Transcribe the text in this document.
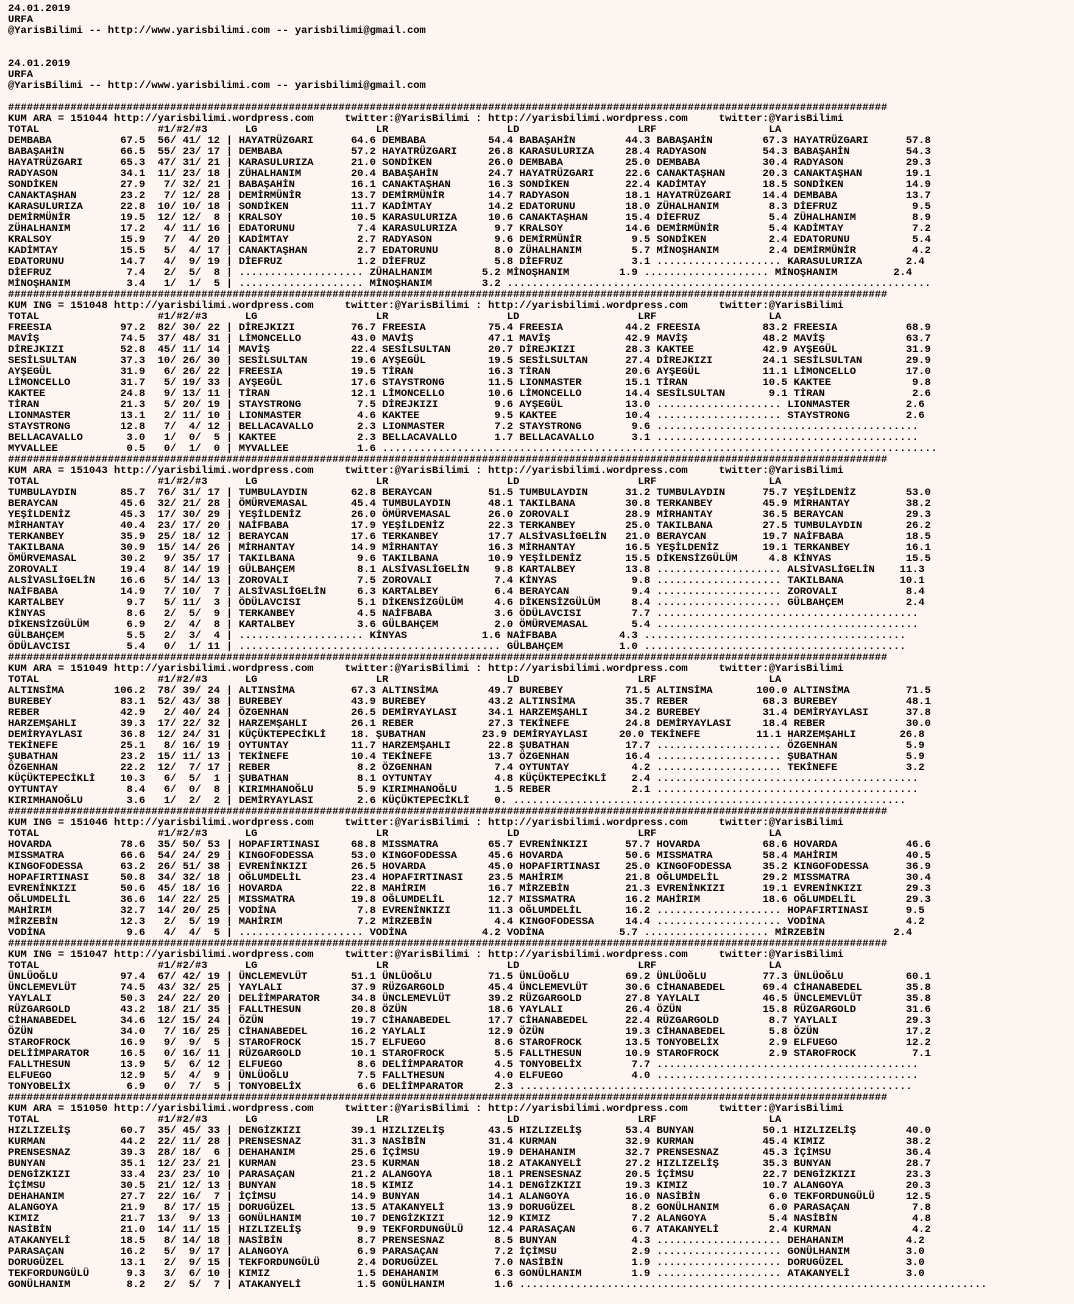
24.01.2019
URFA
@YarisBilimi -- http://www.yarisbilimi.com -- yarisbilimi@gmail.com

24.01.2019
URFA
@YarisBilimi -- http://www.yarisbilimi.com -- yarisbilimi@gmail.com

#############################################################################################################################################
KUM ARA = 151044 http://yarisbilimi.wordpress.com     twitter:@YarisBilimi : http://yarisbilimi.wordpress.com     twitter:@YarisBilimi
TOTAL                   #1/#2/#3      LG                   LR                   LD                   LRF                  LA
DEMBABA           67.5  56/ 41/ 12 | HAYATRÜZGARI      64.6 DEMBABA          54.4 BABAŞAHİN        44.3 BABAŞAHİN        67.3 HAYATRÜZGARI      57.8
BABAŞAHİN         66.5  55/ 23/ 17 | DEMBABA           57.2 HAYATRÜZGARI     26.8 KARASULURIZA     28.4 RADYASON         54.3 BABAŞAHİN         54.3
HAYATRÜZGARI      65.3  47/ 31/ 21 | KARASULURIZA      21.0 SONDİKEN         26.0 DEMBABA          25.0 DEMBABA          30.4 RADYASON          29.3
RADYASON          34.1  11/ 23/ 18 | ZÜHALHANIM        20.4 BABAŞAHİN        24.7 HAYATRÜZGARI     22.6 CANAKTAŞHAN      20.3 CANAKTAŞHAN       19.1
SONDİKEN          27.9   7/ 32/ 21 | BABAŞAHİN         16.1 CANAKTAŞHAN      16.3 SONDİKEN         22.4 KADİMTAY         18.5 SONDİKEN          14.9
CANAKTAŞHAN       23.2   7/ 12/ 28 | DEMİRMÜNİR        13.7 DEMİRMÜNİR       14.7 RADYASON         18.1 HAYATRÜZGARI     14.4 DEMBABA           13.7
KARASULURIZA      22.8  10/ 10/ 18 | SONDİKEN          11.7 KADİMTAY         14.2 EDATORUNU        18.0 ZÜHALHANIM        8.3 DİEFRUZ            9.5
DEMİRMÜNİR        19.5  12/ 12/  8 | KRALSOY           10.5 KARASULURIZA     10.6 CANAKTAŞHAN      15.4 DİEFRUZ           5.4 ZÜHALHANIM         8.9
ZÜHALHANIM        17.2   4/ 11/ 16 | EDATORUNU          7.4 KARASULURIZA      9.7 KRALSOY          14.6 DEMİRMÜNİR        5.4 KADİMTAY           7.2
KRALSOY           15.9   7/  4/ 20 | KADİMTAY           2.7 RADYASON          9.6 DEMİRMÜNİR        9.5 SONDİKEN          2.4 EDATORUNU          5.4
KADİMTAY          15.5   5/  4/ 17 | CANAKTAŞHAN        2.7 EDATORUNU         8.0 ZÜHALHANIM        5.7 MİNOŞHANIM        2.4 DEMİRMÜNİR         4.2
EDATORUNU         14.7   4/  9/ 19 | DİEFRUZ            1.2 DİEFRUZ           5.8 DİEFRUZ           3.1 .................... KARASULURIZA       2.4
DİEFRUZ            7.4   2/  5/  8 | .................... ZÜHALHANIM        5.2 MİNOŞHANIM        1.9 .................... MİNOŞHANIM         2.4
MİNOŞHANIM         3.4   1/  1/  5 | .................... MİNOŞHANIM        3.2 ....................................................................
#############################################################################################################################################
KUM ING = 151048 http://yarisbilimi.wordpress.com     twitter:@YarisBilimi : http://yarisbilimi.wordpress.com     twitter:@YarisBilimi
TOTAL                   #1/#2/#3      LG                   LR                   LD                   LRF                  LA
FREESIA           97.2  82/ 30/ 22 | DİREJKIZI         76.7 FREESIA          75.4 FREESIA          44.2 FREESIA          83.2 FREESIA           68.9
MAVİŞ             74.5  37/ 48/ 31 | LİMONCELLO        43.0 MAVİŞ            47.1 MAVİŞ            42.9 MAVİŞ            48.2 MAVİŞ             63.7
DİREJKIZI         52.8  45/ 11/ 14 | MAVİŞ             22.4 SESİLSULTAN      20.7 DİREJKIZI        28.3 KAKTEE           42.9 AYŞEGÜL           31.9
SESİLSULTAN       37.3  10/ 26/ 30 | SESİLSULTAN       19.6 AYŞEGÜL          19.5 SESİLSULTAN      27.4 DİREJKIZI        24.1 SESİLSULTAN       29.9
AYŞEGÜL           31.9   6/ 26/ 22 | FREESIA           19.5 TİRAN            16.3 TİRAN            20.6 AYŞEGÜL          11.1 LİMONCELLO        17.0
LİMONCELLO        31.7   5/ 19/ 33 | AYŞEGÜL           17.6 STAYSTRONG       11.5 LIONMASTER       15.1 TİRAN            10.5 KAKTEE             9.8
KAKTEE            24.8   9/ 13/ 11 | TİRAN             12.1 LİMONCELLO       10.6 LİMONCELLO       14.4 SESİLSULTAN       9.1 TİRAN              2.6
TİRAN             21.3   5/ 20/ 19 | STAYSTRONG         7.5 DİREJKIZI         9.6 AYŞEGÜL          13.0 .................... LIONMASTER         2.6
LIONMASTER        13.1   2/ 11/ 10 | LIONMASTER         4.6 KAKTEE            9.5 KAKTEE           10.4 .................... STAYSTRONG         2.6
STAYSTRONG        12.8   7/  4/ 12 | BELLACAVALLO       2.3 LIONMASTER        7.2 STAYSTRONG        9.6 ..........................................
BELLACAVALLO       3.0   1/  0/  5 | KAKTEE             2.3 BELLACAVALLO      1.7 BELLACAVALLO      3.1 ..........................................
MYVALLEE           0.5   0/  1/  0 | MYVALLEE           1.6 .........................................................................................
#############################################################################################################################################
KUM ARA = 151043 http://yarisbilimi.wordpress.com     twitter:@YarisBilimi : http://yarisbilimi.wordpress.com     twitter:@YarisBilimi
TOTAL                   #1/#2/#3      LG                   LR                   LD                   LRF                  LA
TUMBULAYDIN       85.7  76/ 31/ 17 | TUMBULAYDIN       62.8 BERAYCAN         51.5 TUMBULAYDIN      31.2 TUMBULAYDIN      75.7 YEŞİLDENİZ        53.0
BERAYCAN          45.6  32/ 21/ 28 | ÖMÜRVEMASAL       45.4 TUMBULAYDIN      48.1 TAKILBANA        30.8 TERKANBEY        45.9 MİRHANTAY         38.2
YEŞİLDENİZ        45.3  17/ 30/ 29 | YEŞİLDENİZ        26.0 ÖMÜRVEMASAL      26.0 ZOROVALI         28.9 MİRHANTAY        36.5 BERAYCAN          29.3
MİRHANTAY         40.4  23/ 17/ 20 | NAİFBABA          17.9 YEŞİLDENİZ       22.3 TERKANBEY        25.0 TAKILBANA        27.5 TUMBULAYDIN       26.2
TERKANBEY         35.9  25/ 18/ 12 | BERAYCAN          17.6 TERKANBEY        17.7 ALSİVASLİGELİN   21.0 BERAYCAN         19.7 NAİFBABA          18.5
TAKILBANA         30.9  15/ 14/ 26 | MİRHANTAY         14.9 MİRHANTAY        16.3 MİRHANTAY        16.5 YEŞİLDENİZ       19.1 TERKANBEY         16.1
ÖMÜRVEMASAL       30.2   9/ 35/ 17 | TAKILBANA          9.6 TAKILBANA        10.9 YEŞİLDENİZ       15.5 DİKENSİZGÜLÜM     4.8 KİNYAS            15.5
ZOROVALI          19.4   8/ 14/ 19 | GÜLBAHÇEM          8.1 ALSİVASLİGELİN    9.8 KARTALBEY        13.8 .................... ALSİVASLİGELİN    11.3
ALSİVASLİGELİN    16.6   5/ 14/ 13 | ZOROVALI           7.5 ZOROVALI          7.4 KİNYAS            9.8 .................... TAKILBANA         10.1
NAİFBABA          14.9   7/ 10/  7 | ALSİVASLİGELİN     6.3 KARTALBEY         6.4 BERAYCAN          9.4 .................... ZOROVALI           8.4
KARTALBEY          9.7   5/ 11/  3 | ÖDÜLAVCISI         5.1 DİKENSİZGÜLÜM     4.6 DİKENSİZGÜLÜM     8.4 .................... GÜLBAHÇEM          2.4
KİNYAS             8.6   2/  5/  9 | TERKANBEY          4.5 NAİFBABA          3.6 ÖDÜLAVCISI        7.7 ..........................................
DİKENSİZGÜLÜM      6.9   2/  4/  8 | KARTALBEY          3.6 GÜLBAHÇEM         2.0 ÖMÜRVEMASAL       5.4 ..........................................
GÜLBAHÇEM          5.5   2/  3/  4 | .................... KİNYAS            1.6 NAİFBABA          4.3 ..........................................
ÖDÜLAVCISI         5.4   0/  1/ 11 | .......................................... GÜLBAHÇEM         1.0 ..........................................
#############################################################################################################################################
KUM ARA = 151049 http://yarisbilimi.wordpress.com     twitter:@YarisBilimi : http://yarisbilimi.wordpress.com     twitter:@YarisBilimi
TOTAL                   #1/#2/#3      LG                   LR                   LD                   LRF                  LA
ALTINSİMA        106.2  78/ 39/ 24 | ALTINSİMA         67.3 ALTINSİMA        49.7 BUREBEY          71.5 ALTINSİMA       100.0 ALTINSİMA         71.5
BUREBEY           83.1  52/ 43/ 38 | BUREBEY           43.9 BUREBEY          43.2 ALTINSİMA        35.7 REBER            68.3 BUREBEY           48.1
REBER             42.9   2/ 40/ 24 | ÖZGENHAN          26.5 DEMİRYAYLASI     34.1 HARZEMŞAHLI      34.2 BUREBEY          31.4 DEMİRYAYLASI      37.8
HARZEMŞAHLI       39.3  17/ 22/ 32 | HARZEMŞAHLI       26.1 REBER            27.3 TEKİNEFE         24.8 DEMİRYAYLASI     18.4 REBER             30.0
DEMİRYAYLASI      36.8  12/ 24/ 31 | KÜÇÜKTEPECİKLİ    18. ŞUBATHAN         23.9 DEMİRYAYLASI     20.0 TEKİNEFE         11.1 HARZEMŞAHLI       26.8
TEKİNEFE          25.1   8/ 16/ 19 | OYTUNTAY          11.7 HARZEMŞAHLI      22.8 ŞUBATHAN         17.7 .................... ÖZGENHAN           5.9
ŞUBATHAN          23.2  15/ 11/ 13 | TEKİNEFE          10.4 TEKİNEFE         13.7 ÖZGENHAN         16.4 .................... ŞUBATHAN           5.9
ÖZGENHAN          22.2  12/  7/ 17 | REBER              8.2 ÖZGENHAN          7.4 OYTUNTAY          4.2 .................... TEKİNEFE           3.2
KÜÇÜKTEPECİKLİ    10.3   6/  5/  1 | ŞUBATHAN           8.1 OYTUNTAY          4.8 KÜÇÜKTEPECİKLİ    2.4 ..........................................
OYTUNTAY           8.4   6/  0/  8 | KIRIMHANOĞLU       5.9 KIRIMHANOĞLU      1.5 REBER             2.1 ..........................................
KIRIMHANOĞLU       3.6   1/  2/  2 | DEMİRYAYLASI       2.6 KÜÇÜKTEPECİKLİ    0. ...............................................................
#############################################################################################################################################
KUM ING = 151046 http://yarisbilimi.wordpress.com     twitter:@YarisBilimi : http://yarisbilimi.wordpress.com     twitter:@YarisBilimi
TOTAL                   #1/#2/#3      LG                   LR                   LD                   LRF                  LA
HOVARDA           78.6  35/ 50/ 53 | HOPAFIRTINASI     68.8 MISSMATRA        65.7 EVRENİNKIZI      57.7 HOVARDA          68.6 HOVARDA           46.6
MISSMATRA         66.6  54/ 24/ 29 | KINGOFODESSA      53.0 KINGOFODESSA     45.6 HOVARDA          50.6 MISSMATRA        58.4 MAHİRIM           40.5
KINGOFODESSA      63.2  26/ 51/ 38 | EVRENİNKIZI       26.5 HOVARDA          45.0 HOPAFIRTINASI    25.0 KINGOFODESSA     35.2 KINGOFODESSA      36.9
HOPAFIRTINASI     50.8  34/ 32/ 18 | OĞLUMDELİL        23.4 HOPAFIRTINASI    23.5 MAHİRIM          21.8 OĞLUMDELİL       29.2 MISSMATRA         30.4
EVRENİNKIZI       50.6  45/ 18/ 16 | HOVARDA           22.8 MAHİRIM          16.7 MİRZEBİN         21.3 EVRENİNKIZI      19.1 EVRENİNKIZI       29.3
OĞLUMDELİL        36.6  14/ 22/ 25 | MISSMATRA         19.8 OĞLUMDELİL       12.7 MISSMATRA        16.2 MAHİRIM          18.6 OĞLUMDELİL        29.3
MAHİRIM           32.7  14/ 20/ 25 | VODİNA             7.8 EVRENİNKIZI      11.3 OĞLUMDELİL       16.2 .................... HOPAFIRTINASI      9.5
MİRZEBİN          12.3   2/  5/ 19 | MAHİRIM            7.2 MİRZEBİN          4.4 KINGOFODESSA     14.4 .................... VODİNA             4.2
VODİNA             9.6   4/  4/  5 | .................... VODİNA            4.2 VODİNA            5.7 .................... MİRZEBİN           2.4
#############################################################################################################################################
KUM ING = 151047 http://yarisbilimi.wordpress.com     twitter:@YarisBilimi : http://yarisbilimi.wordpress.com     twitter:@YarisBilimi
TOTAL                   #1/#2/#3      LG                   LR                   LD                   LRF                  LA
ÜNLÜOĞLU          97.4  67/ 42/ 19 | ÜNCLEMEVLÜT       51.1 ÜNLÜOĞLU         71.5 ÜNLÜOĞLU         69.2 ÜNLÜOĞLU         77.3 ÜNLÜOĞLU          60.1
ÜNCLEMEVLÜT       74.5  43/ 32/ 25 | YAYLALI           37.9 RÜZGARGOLD       45.4 ÜNCLEMEVLÜT      30.6 CİHANABEDEL      69.4 CİHANABEDEL       35.8
YAYLALI           50.3  24/ 22/ 20 | DELİİMPARATOR     34.8 ÜNCLEMEVLÜT      39.2 RÜZGARGOLD       27.8 YAYLALI          46.5 ÜNCLEMEVLÜT       35.8
RÜZGARGOLD        43.2  18/ 21/ 35 | FALLTHESUN        20.8 ÖZÜN             18.6 YAYLALI          26.4 ÖZÜN             15.8 RÜZGARGOLD        31.6
CİHANABEDEL       34.6  12/ 15/ 24 | ÖZÜN              19.7 CİHANABEDEL      17.7 CİHANABEDEL      22.4 RÜZGARGOLD        8.7 YAYLALI           29.3
ÖZÜN              34.0   7/ 16/ 25 | CİHANABEDEL       16.2 YAYLALI          12.9 ÖZÜN             19.3 CİHANABEDEL       5.8 ÖZÜN              17.2
STAROFROCK        16.9   9/  9/  5 | STAROFROCK        15.7 ELFUEGO           8.6 STAROFROCK       13.5 TONYOBELİX        2.9 ELFUEGO           12.2
DELİİMPARATOR     16.5   0/ 16/ 11 | RÜZGARGOLD        10.1 STAROFROCK        5.5 FALLTHESUN       10.9 STAROFROCK        2.9 STAROFROCK         7.1
FALLTHESUN        13.9   5/  6/ 12 | ELFUEGO            8.6 DELİİMPARATOR     4.5 TONYOBELİX        7.7 ..........................................
ELFUEGO           12.9   5/  4/  9 | ÜNLÜOĞLU           7.5 FALLTHESUN        4.0 ELFUEGO           4.0 ..........................................
TONYOBELİX         6.9   0/  7/  5 | TONYOBELİX         6.6 DELİİMPARATOR     2.3 ...............................................................
#############################################################################################################################################
KUM ARA = 151050 http://yarisbilimi.wordpress.com     twitter:@YarisBilimi : http://yarisbilimi.wordpress.com     twitter:@YarisBilimi
TOTAL                   #1/#2/#3      LG                   LR                   LD                   LRF                  LA
HIZLIZELİŞ        60.7  35/ 45/ 33 | DENGİZKIZI        39.1 HIZLIZELİŞ       43.5 HIZLIZELİŞ       53.4 BUNYAN           50.1 HIZLIZELİŞ        40.0
KURMAN            44.2  22/ 11/ 28 | PRENSESNAZ        31.3 NASİBİN          31.4 KURMAN           32.9 KURMAN           45.4 KIMIZ             38.2
PRENSESNAZ        39.3  28/ 18/  6 | DEHAHANIM         25.6 İÇİMSU           19.9 DEHAHANIM        32.7 PRENSESNAZ       45.3 İÇİMSU            36.4
BUNYAN            35.1  12/ 23/ 21 | KURMAN            23.5 KURMAN           18.2 ATAKANYELİ       27.2 HIZLIZELİŞ       35.3 BUNYAN            28.7
DENGİZKIZI        33.4  23/ 23/ 10 | PARASAÇAN         21.2 ALANGOYA         18.1 PRENSESNAZ       20.5 İÇİMSU           22.7 DENGİZKIZI        23.3
İÇİMSU            30.5  21/ 12/ 13 | BUNYAN            18.5 KIMIZ            14.1 DENGİZKIZI       19.3 KIMIZ            10.7 ALANGOYA          20.3
DEHAHANIM         27.7  22/ 16/  7 | İÇİMSU            14.9 BUNYAN           14.1 ALANGOYA         16.0 NASİBİN           6.0 TEKFORDUNGÜLÜ     12.5
ALANGOYA          21.9   8/ 17/ 15 | DORUGÜZEL         13.5 ATAKANYELİ       13.9 DORUGÜZEL         8.2 GONÜLHANIM        6.0 PARASAÇAN          7.8
KIMIZ             21.7  13/  9/ 13 | GONÜLHANIM        10.7 DENGİZKIZI       12.9 KIMIZ             7.2 ALANGOYA          5.4 NASİBİN            4.8
NASİBİN           21.0  14/ 11/ 15 | HIZLIZELİŞ         9.9 TEKFORDUNGÜLÜ    12.4 PARASAÇAN         6.7 ATAKANYELİ        2.4 KURMAN             4.2
ATAKANYELİ        18.5   8/ 14/ 18 | NASİBİN            8.7 PRENSESNAZ        8.5 BUNYAN            4.3 .................... DEHAHANIM          4.2
PARASAÇAN         16.2   5/  9/ 17 | ALANGOYA           6.9 PARASAÇAN         7.2 İÇİMSU            2.9 .................... GONÜLHANIM         3.0
DORUGÜZEL         13.1   2/  9/ 15 | TEKFORDUNGÜLÜ      2.4 DORUGÜZEL         7.0 NASİBİN           1.9 .................... DORUGÜZEL          3.0
TEKFORDUNGÜLÜ      9.3   3/  6/ 10 | KIMIZ              1.5 DEHAHANIM         6.3 GONÜLHANIM        1.9 .................... ATAKANYELİ         3.0
GONÜLHANIM         8.2   2/  5/  7 | ATAKANYELİ         1.5 GONÜLHANIM        1.6 ...........................................................................
